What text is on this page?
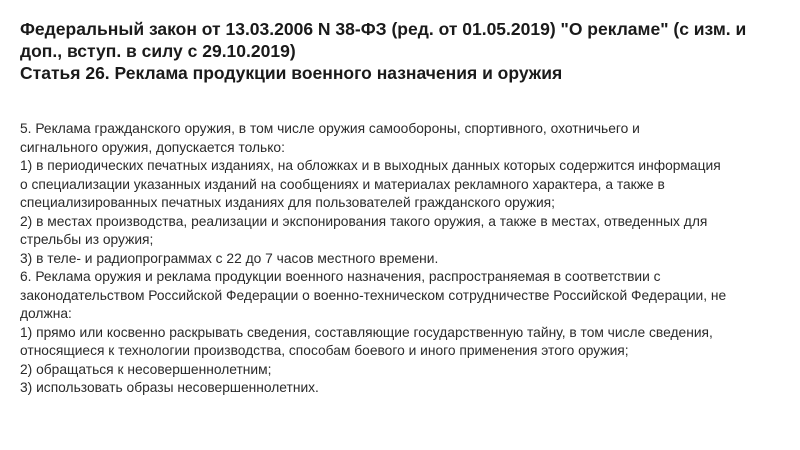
Федеральный закон от 13.03.2006 N 38-ФЗ (ред. от 01.05.2019) "О рекламе" (с изм. и
доп., вступ. в силу с 29.10.2019)
Статья 26. Реклама продукции военного назначения и оружия
5. Реклама гражданского оружия, в том числе оружия самообороны, спортивного, охотничьего и
сигнального оружия, допускается только:
1) в периодических печатных изданиях, на обложках и в выходных данных которых содержится информация
о специализации указанных изданий на сообщениях и материалах рекламного характера, а также в
специализированных печатных изданиях для пользователей гражданского оружия;
2) в местах производства, реализации и экспонирования такого оружия, а также в местах, отведенных для
стрельбы из оружия;
3) в теле- и радиопрограммах с 22 до 7 часов местного времени.
6. Реклама оружия и реклама продукции военного назначения, распространяемая в соответствии с
законодательством Российской Федерации о военно-техническом сотрудничестве Российской Федерации, не
должна:
1) прямо или косвенно раскрывать сведения, составляющие государственную тайну, в том числе сведения,
относящиеся к технологии производства, способам боевого и иного применения этого оружия;
2) обращаться к несовершеннолетним;
3) использовать образы несовершеннолетних.
